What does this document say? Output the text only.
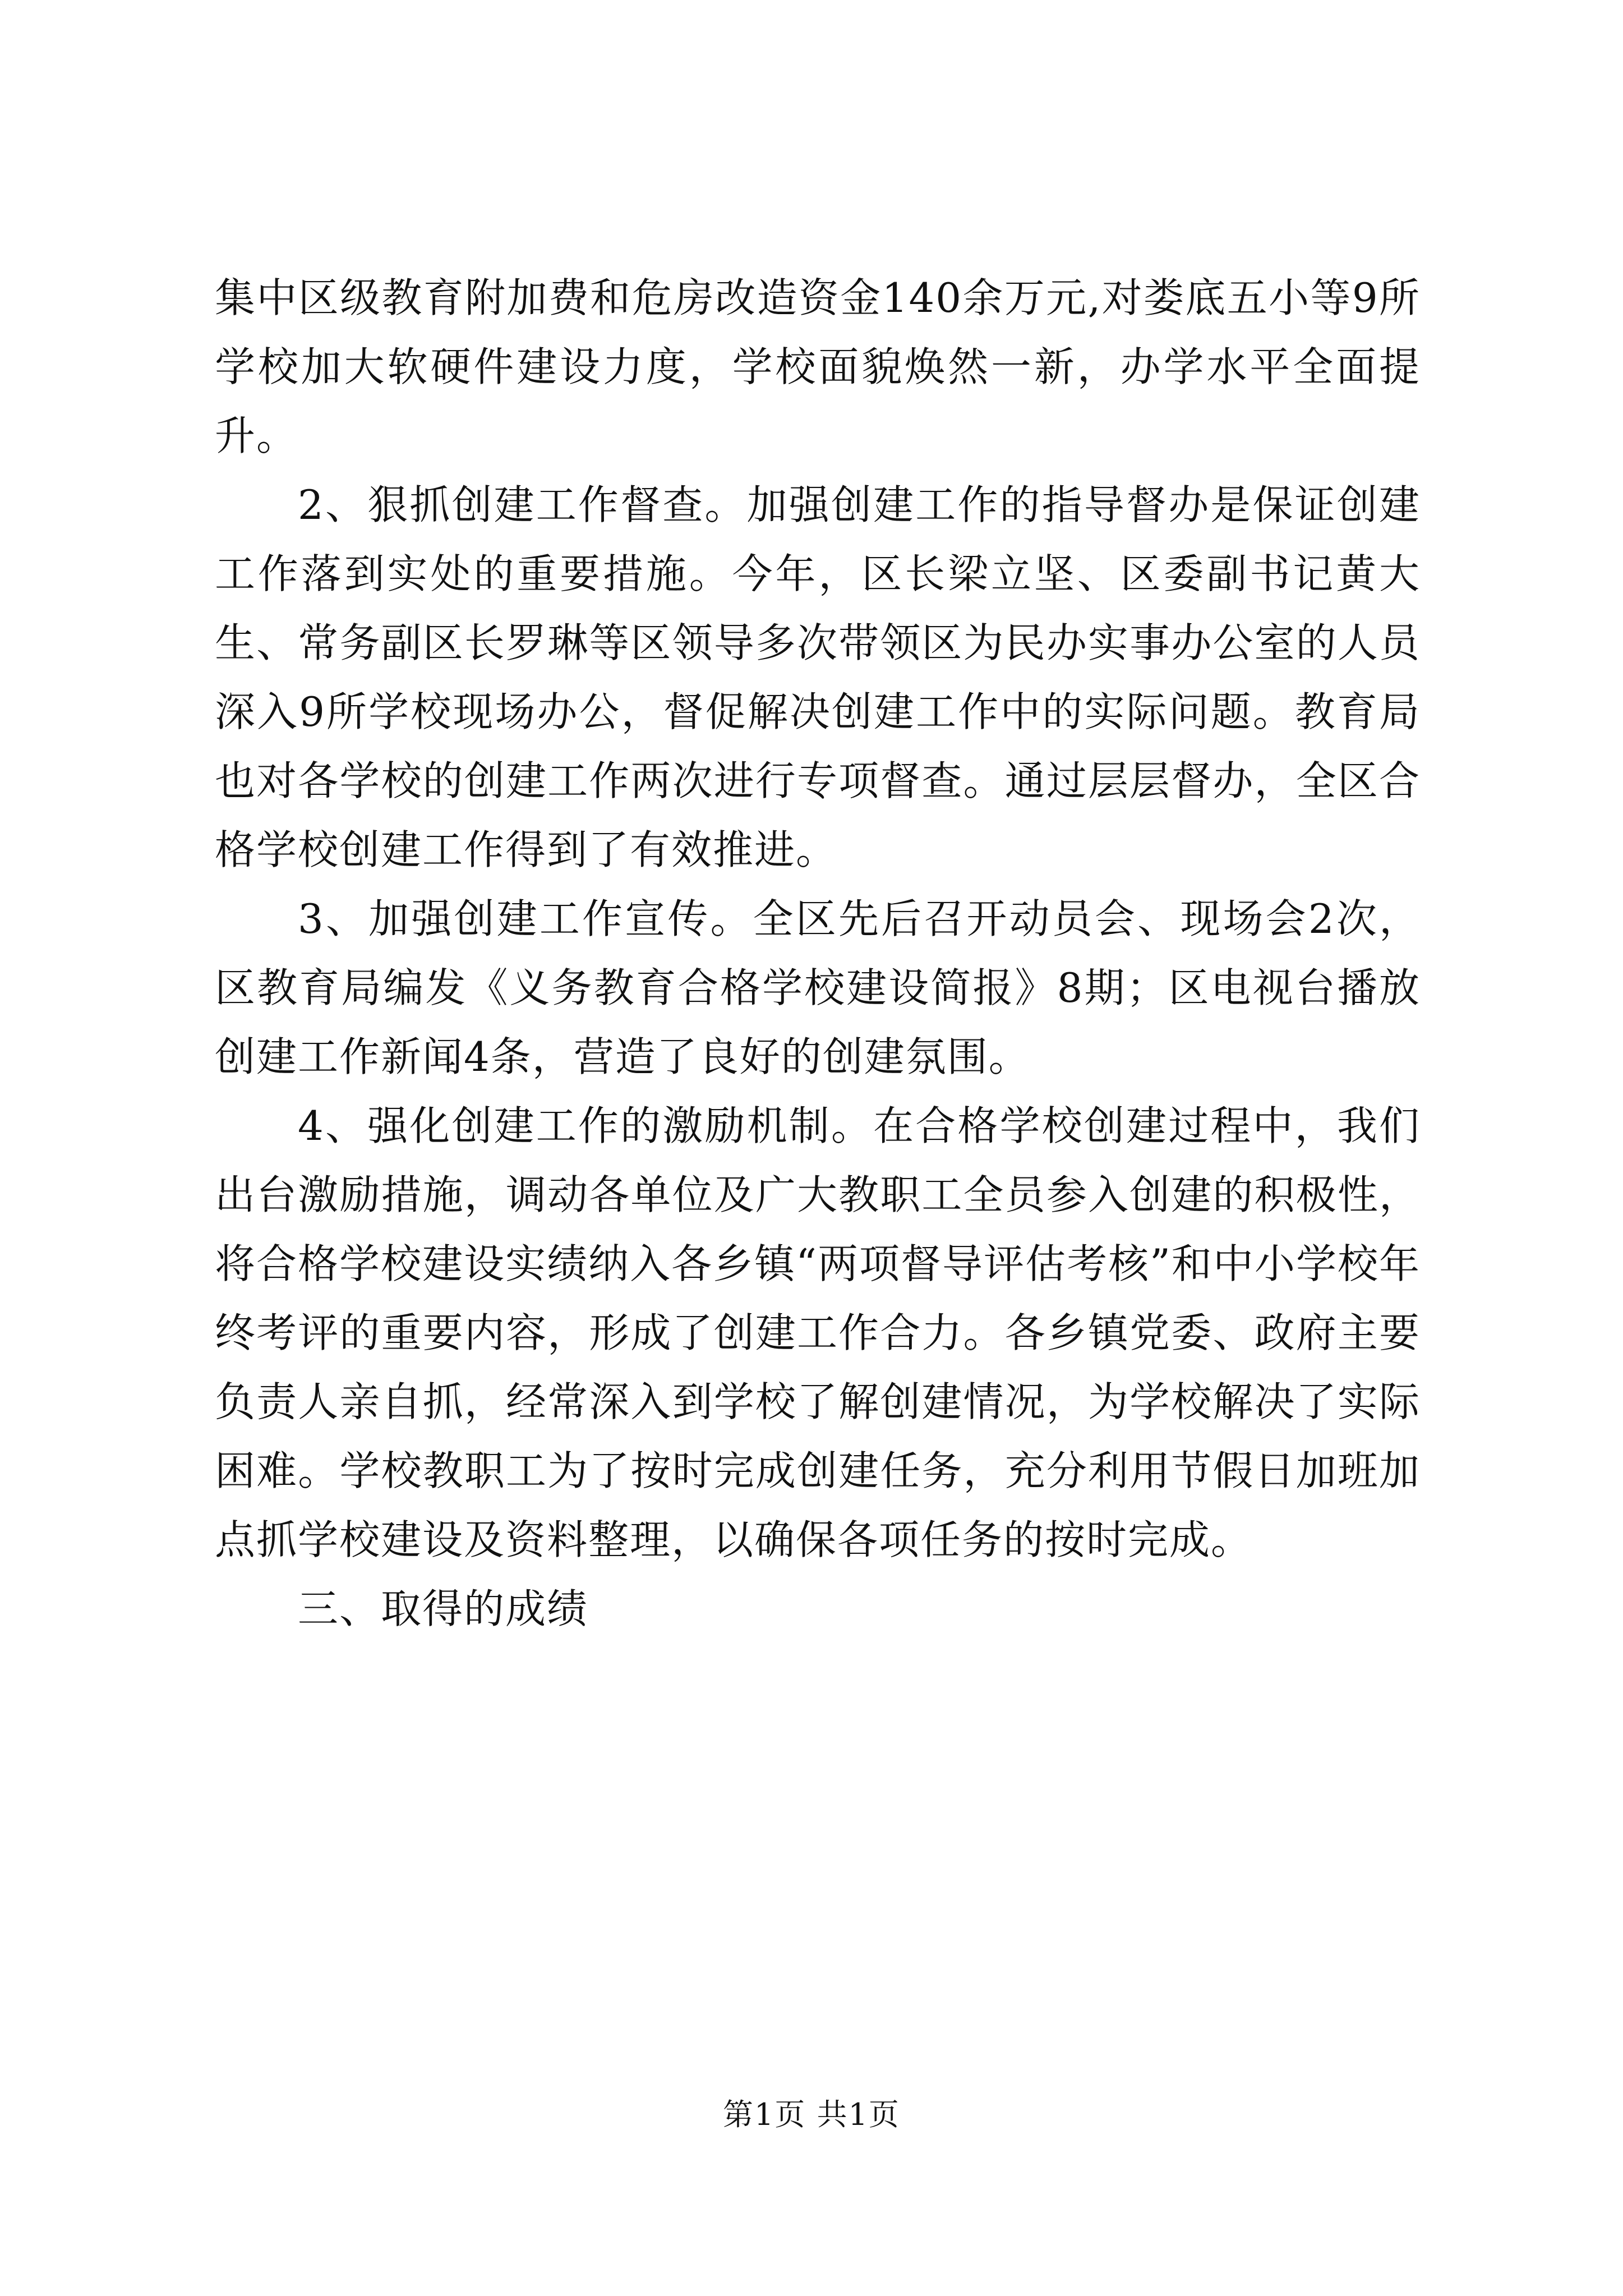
集中区级教育附加费和危房改造资金140余万元,对娄底五小等9所学校加大软硬件建设力度，学校面貌焕然一新，办学水平全面提升。

2、狠抓创建工作督查。加强创建工作的指导督办是保证创建工作落到实处的重要措施。今年，区长梁立坚、区委副书记黄大生、常务副区长罗琳等区领导多次带领区为民办实事办公室的人员深入9所学校现场办公，督促解决创建工作中的实际问题。教育局也对各学校的创建工作两次进行专项督查。通过层层督办，全区合格学校创建工作得到了有效推进。

3、加强创建工作宣传。全区先后召开动员会、现场会2次，区教育局编发《义务教育合格学校建设简报》8期；区电视台播放创建工作新闻4条，营造了良好的创建氛围。

4、强化创建工作的激励机制。在合格学校创建过程中，我们出台激励措施，调动各单位及广大教职工全员参入创建的积极性，将合格学校建设实绩纳入各乡镇“两项督导评估考核”和中小学校年终考评的重要内容，形成了创建工作合力。各乡镇党委、政府主要负责人亲自抓，经常深入到学校了解创建情况，为学校解决了实际困难。学校教职工为了按时完成创建任务，充分利用节假日加班加点抓学校建设及资料整理，以确保各项任务的按时完成。

三、取得的成绩

第1页 共1页
